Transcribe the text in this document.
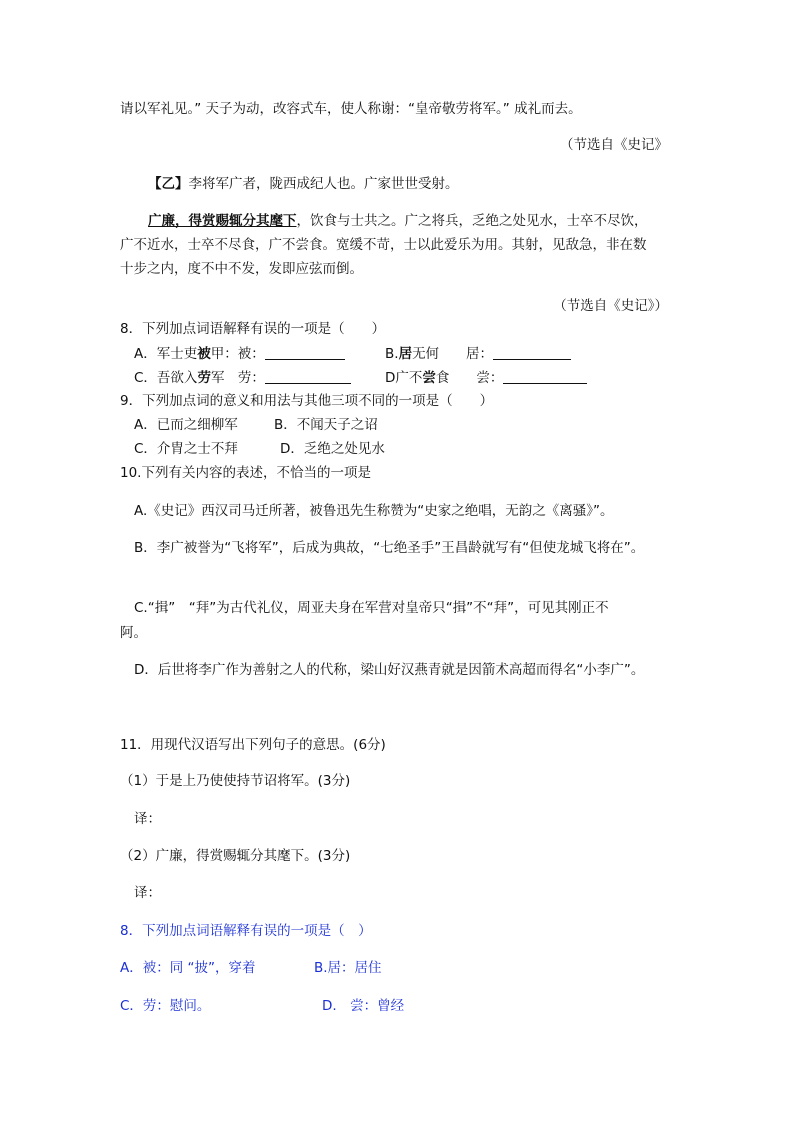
请以军礼见。” 天子为动，改容式车，使人称谢：“皇帝敬劳将军。” 成礼而去。
（节选自《史记》
【乙】李将军广者，陇西成纪人也。广家世世受射。
广廉，得赏赐辄分其麾下，饮食与士共之。广之将兵，乏绝之处见水，士卒不尽饮，
广不近水，士卒不尽食，广不尝食。宽缓不苛，士以此爱乐为用。其射，见敌急，非在数
十步之内，度不中不发，发即应弦而倒。
（节选自《史记》）
8．下列加点词语解释有误的一项是（　　）
A．军士吏被甲：被：	B.居无何　　居：
C．吾欲入劳军　劳：	D广不尝食　　尝：
9．下列加点词的意义和用法与其他三项不同的一项是（　　）
A．已而之细柳军	B．不闻天子之诏
C．介胄之士不拜	D．乏绝之处见水
10.下列有关内容的表述，不恰当的一项是
A.《史记》西汉司马迁所著，被鲁迅先生称赞为“史家之绝唱，无韵之《离骚》”。
B．李广被誉为“飞将军”，后成为典故，“七绝圣手”王昌龄就写有“但使龙城飞将在”。
C.“揖”　“拜”为古代礼仪，周亚夫身在军营对皇帝只“揖”不“拜”，可见其刚正不
阿。
D．后世将李广作为善射之人的代称，梁山好汉燕青就是因箭术高超而得名“小李广”。
11．用现代汉语写出下列句子的意思。(6分)
（1）于是上乃使使持节诏将军。(3分)
译：
（2）广廉，得赏赐辄分其麾下。(3分)
译：
8．下列加点词语解释有误的一项是（　）
A．被：同 “披”，穿着	B.居：居住
C．劳：慰问。	D.　尝：曾经
